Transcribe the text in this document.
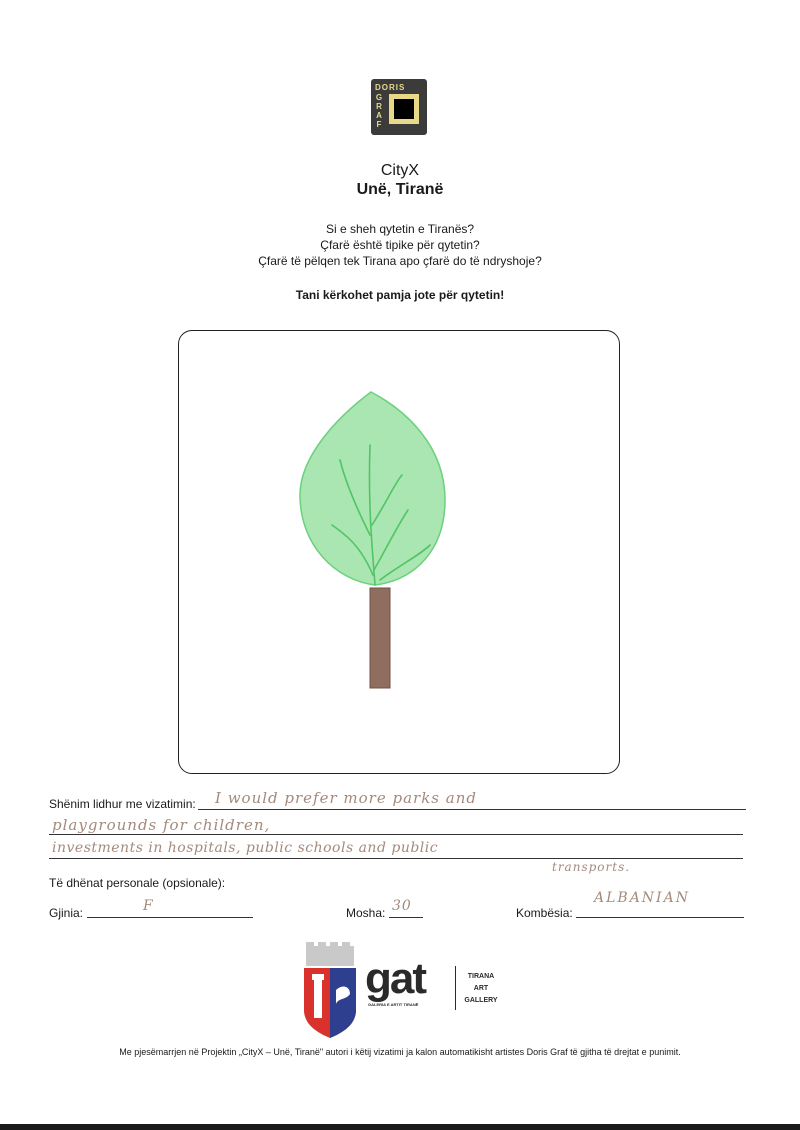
DORIS
G
R
A
F
CityX
Unë, Tiranë
Si e sheh qytetin e Tiranës?
Çfarë është tipike për qytetin?
Çfarë të pëlqen tek Tirana apo çfarë do të ndryshoje?
Tani kërkohet pamja jote për qytetin!
Shënim lidhur me vizatimin: I would prefer more parks and
playgrounds for children,
investments in hospitals, public schools and public
transports.
Të dhënat personale (opsionale):
Gjinia:	F	Mosha: 30	Kombësia:
ALBANIAN
gat
GALERIA E ARTIT TIRANË
TIRANA
ART
GALLERY
Me pjesëmarrjen në Projektin „CityX – Unë, Tiranë" autori i këtij vizatimi ja kalon automatikisht artistes Doris Graf të gjitha të drejtat e punimit.
